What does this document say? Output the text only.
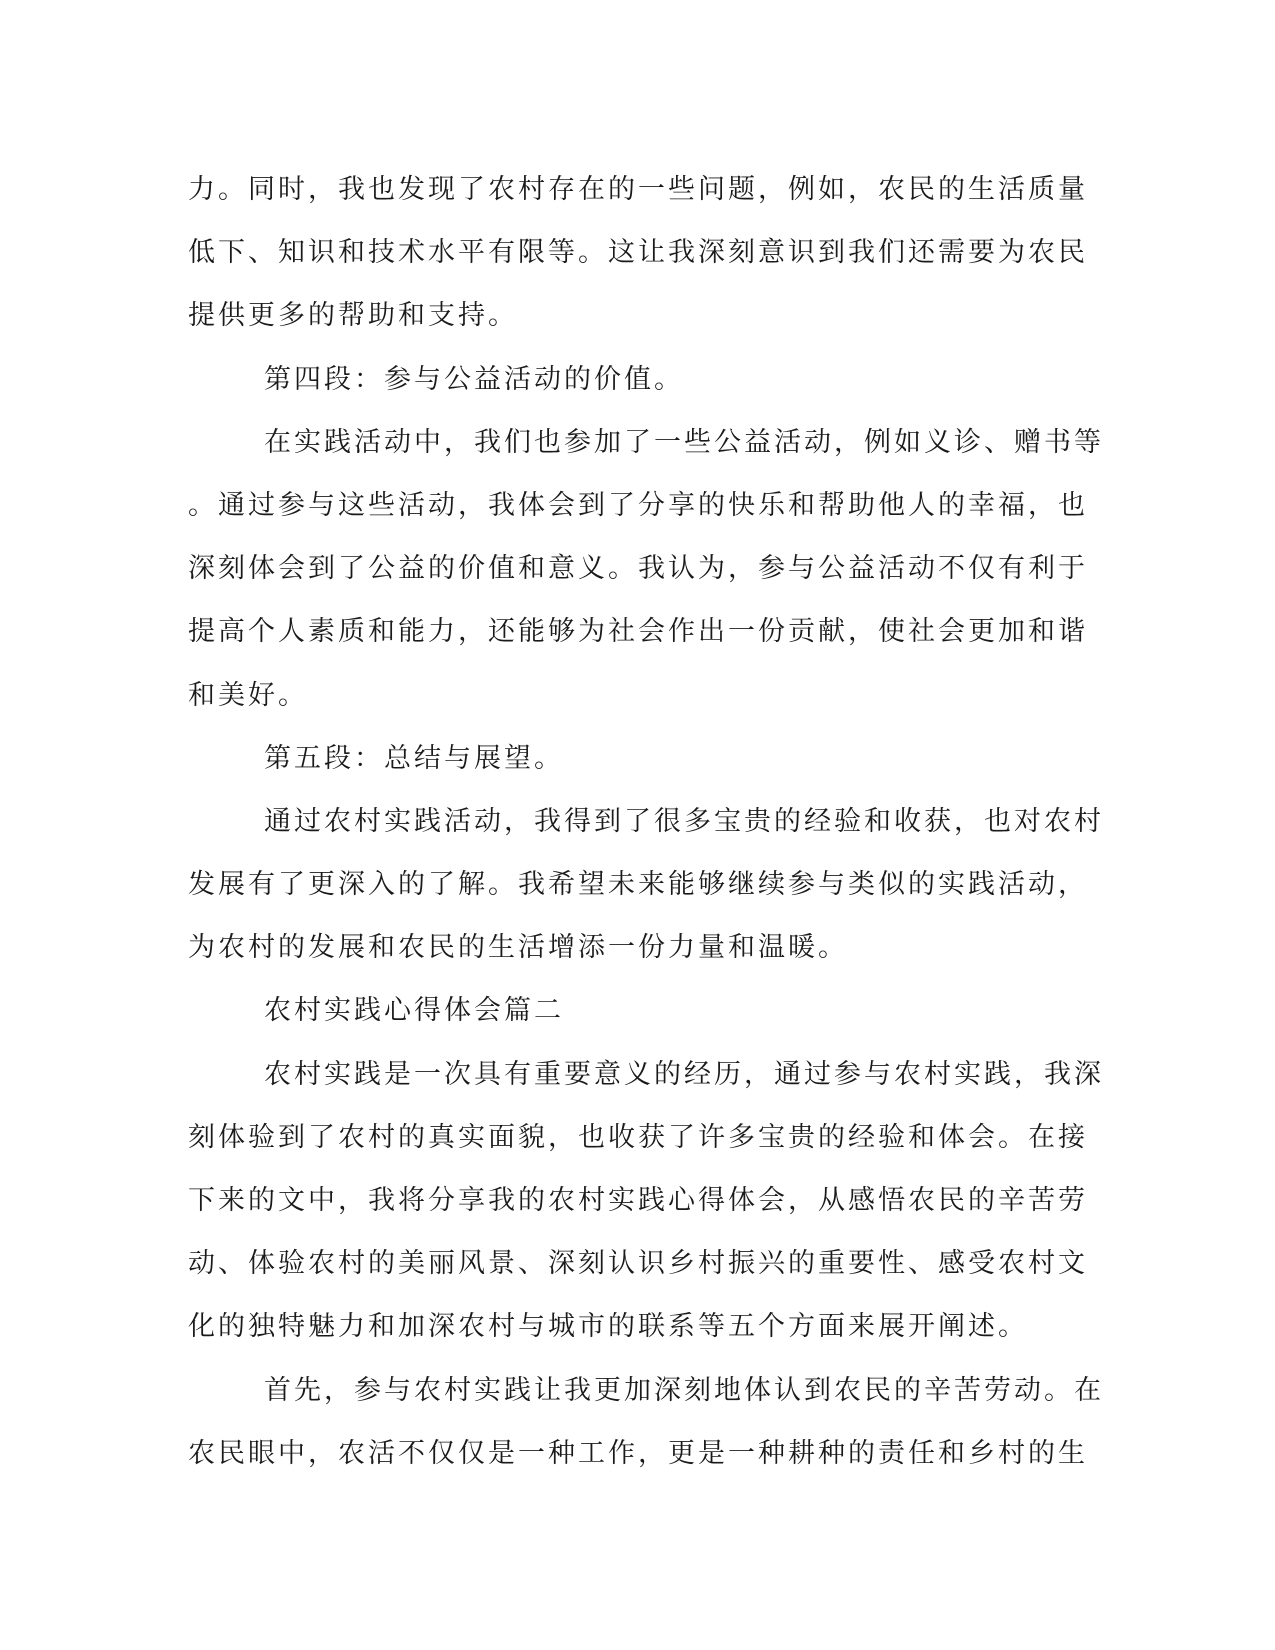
力。同时，我也发现了农村存在的一些问题，例如，农民的生活质量
低下、知识和技术水平有限等。这让我深刻意识到我们还需要为农民
提供更多的帮助和支持。
第四段：参与公益活动的价值。
在实践活动中，我们也参加了一些公益活动，例如义诊、赠书等
。通过参与这些活动，我体会到了分享的快乐和帮助他人的幸福，也
深刻体会到了公益的价值和意义。我认为，参与公益活动不仅有利于
提高个人素质和能力，还能够为社会作出一份贡献，使社会更加和谐
和美好。
第五段：总结与展望。
通过农村实践活动，我得到了很多宝贵的经验和收获，也对农村
发展有了更深入的了解。我希望未来能够继续参与类似的实践活动，
为农村的发展和农民的生活增添一份力量和温暖。
农村实践心得体会篇二
农村实践是一次具有重要意义的经历，通过参与农村实践，我深
刻体验到了农村的真实面貌，也收获了许多宝贵的经验和体会。在接
下来的文中，我将分享我的农村实践心得体会，从感悟农民的辛苦劳
动、体验农村的美丽风景、深刻认识乡村振兴的重要性、感受农村文
化的独特魅力和加深农村与城市的联系等五个方面来展开阐述。
首先，参与农村实践让我更加深刻地体认到农民的辛苦劳动。在
农民眼中，农活不仅仅是一种工作，更是一种耕种的责任和乡村的生
